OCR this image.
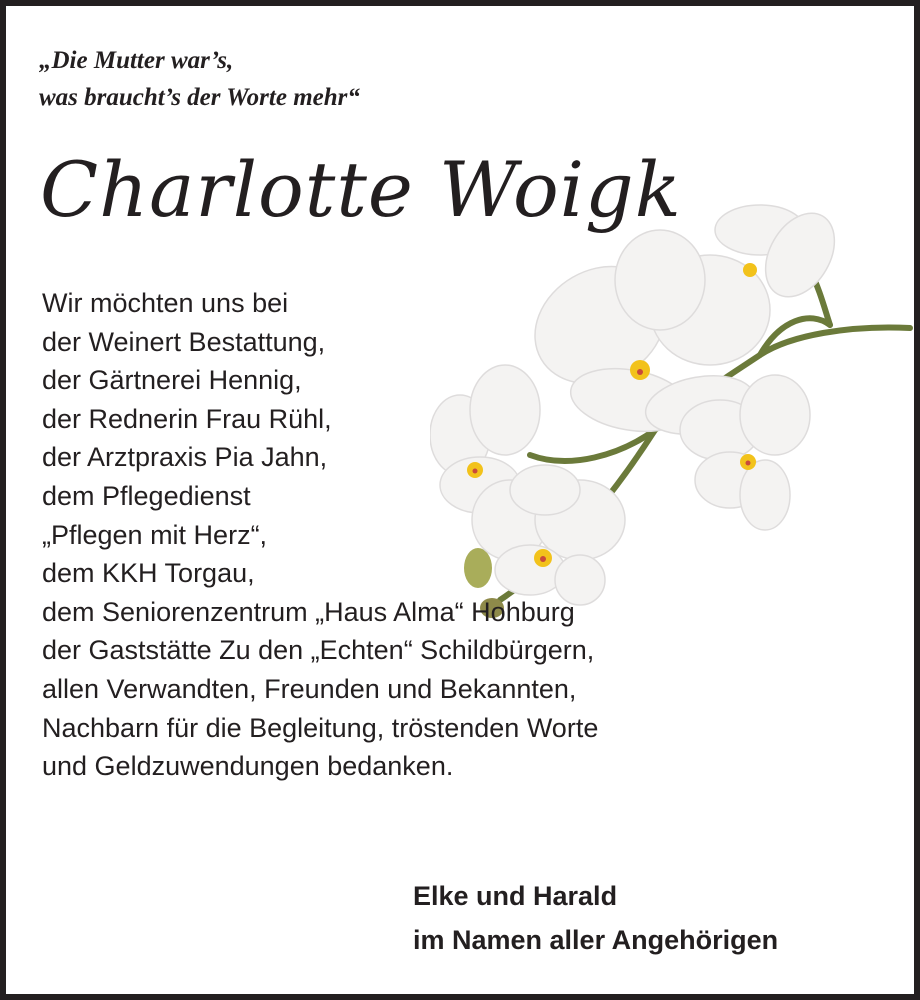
„Die Mutter war’s,
was braucht’s der Worte mehr“
Charlotte Woigk
Wir möchten uns bei
der Weinert Bestattung,
der Gärtnerei Hennig,
der Rednerin Frau Rühl,
der Arztpraxis Pia Jahn,
dem Pflegedienst
„Pflegen mit Herz“,
dem KKH Torgau,
dem Seniorenzentrum „Haus Alma“ Hohburg
der Gaststätte Zu den „Echten“ Schildbürgern,
allen Verwandten, Freunden und Bekannten,
Nachbarn für die Begleitung, tröstenden Worte
und Geldzuwendungen bedanken.
Elke und Harald
im Namen aller Angehörigen
